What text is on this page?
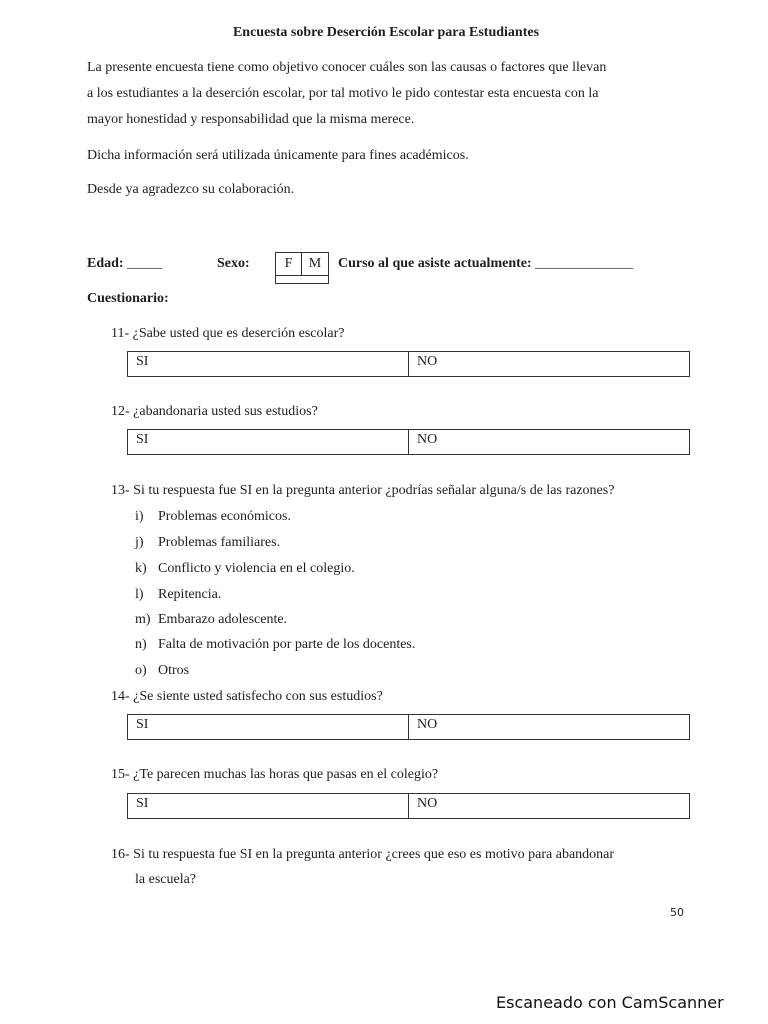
Encuesta sobre Deserción Escolar para Estudiantes
La presente encuesta tiene como objetivo conocer cuáles son las causas o factores que llevan
a los estudiantes a la deserción escolar, por tal motivo le pido contestar esta encuesta con la
mayor honestidad y responsabilidad que la misma merece.
Dicha información será utilizada únicamente para fines académicos.
Desde ya agradezco su colaboración.
Edad: _____	Sexo:	F	M	Curso al que asiste actualmente: ______________
Cuestionario:
11- ¿Sabe usted que es deserción escolar?
SI	NO
12- ¿abandonaria usted sus estudios?
SI	NO
13- Si tu respuesta fue SI en la pregunta anterior ¿podrías señalar alguna/s de las razones?
i) Problemas económicos.
j) Problemas familiares.
k) Conflicto y violencia en el colegio.
l) Repitencia.
m) Embarazo adolescente.
n) Falta de motivación por parte de los docentes.
o) Otros
14- ¿Se siente usted satisfecho con sus estudios?
SI	NO
15- ¿Te parecen muchas las horas que pasas en el colegio?
SI	NO
16- Si tu respuesta fue SI en la pregunta anterior ¿crees que eso es motivo para abandonar
la escuela?
50
Escaneado con CamScanner
